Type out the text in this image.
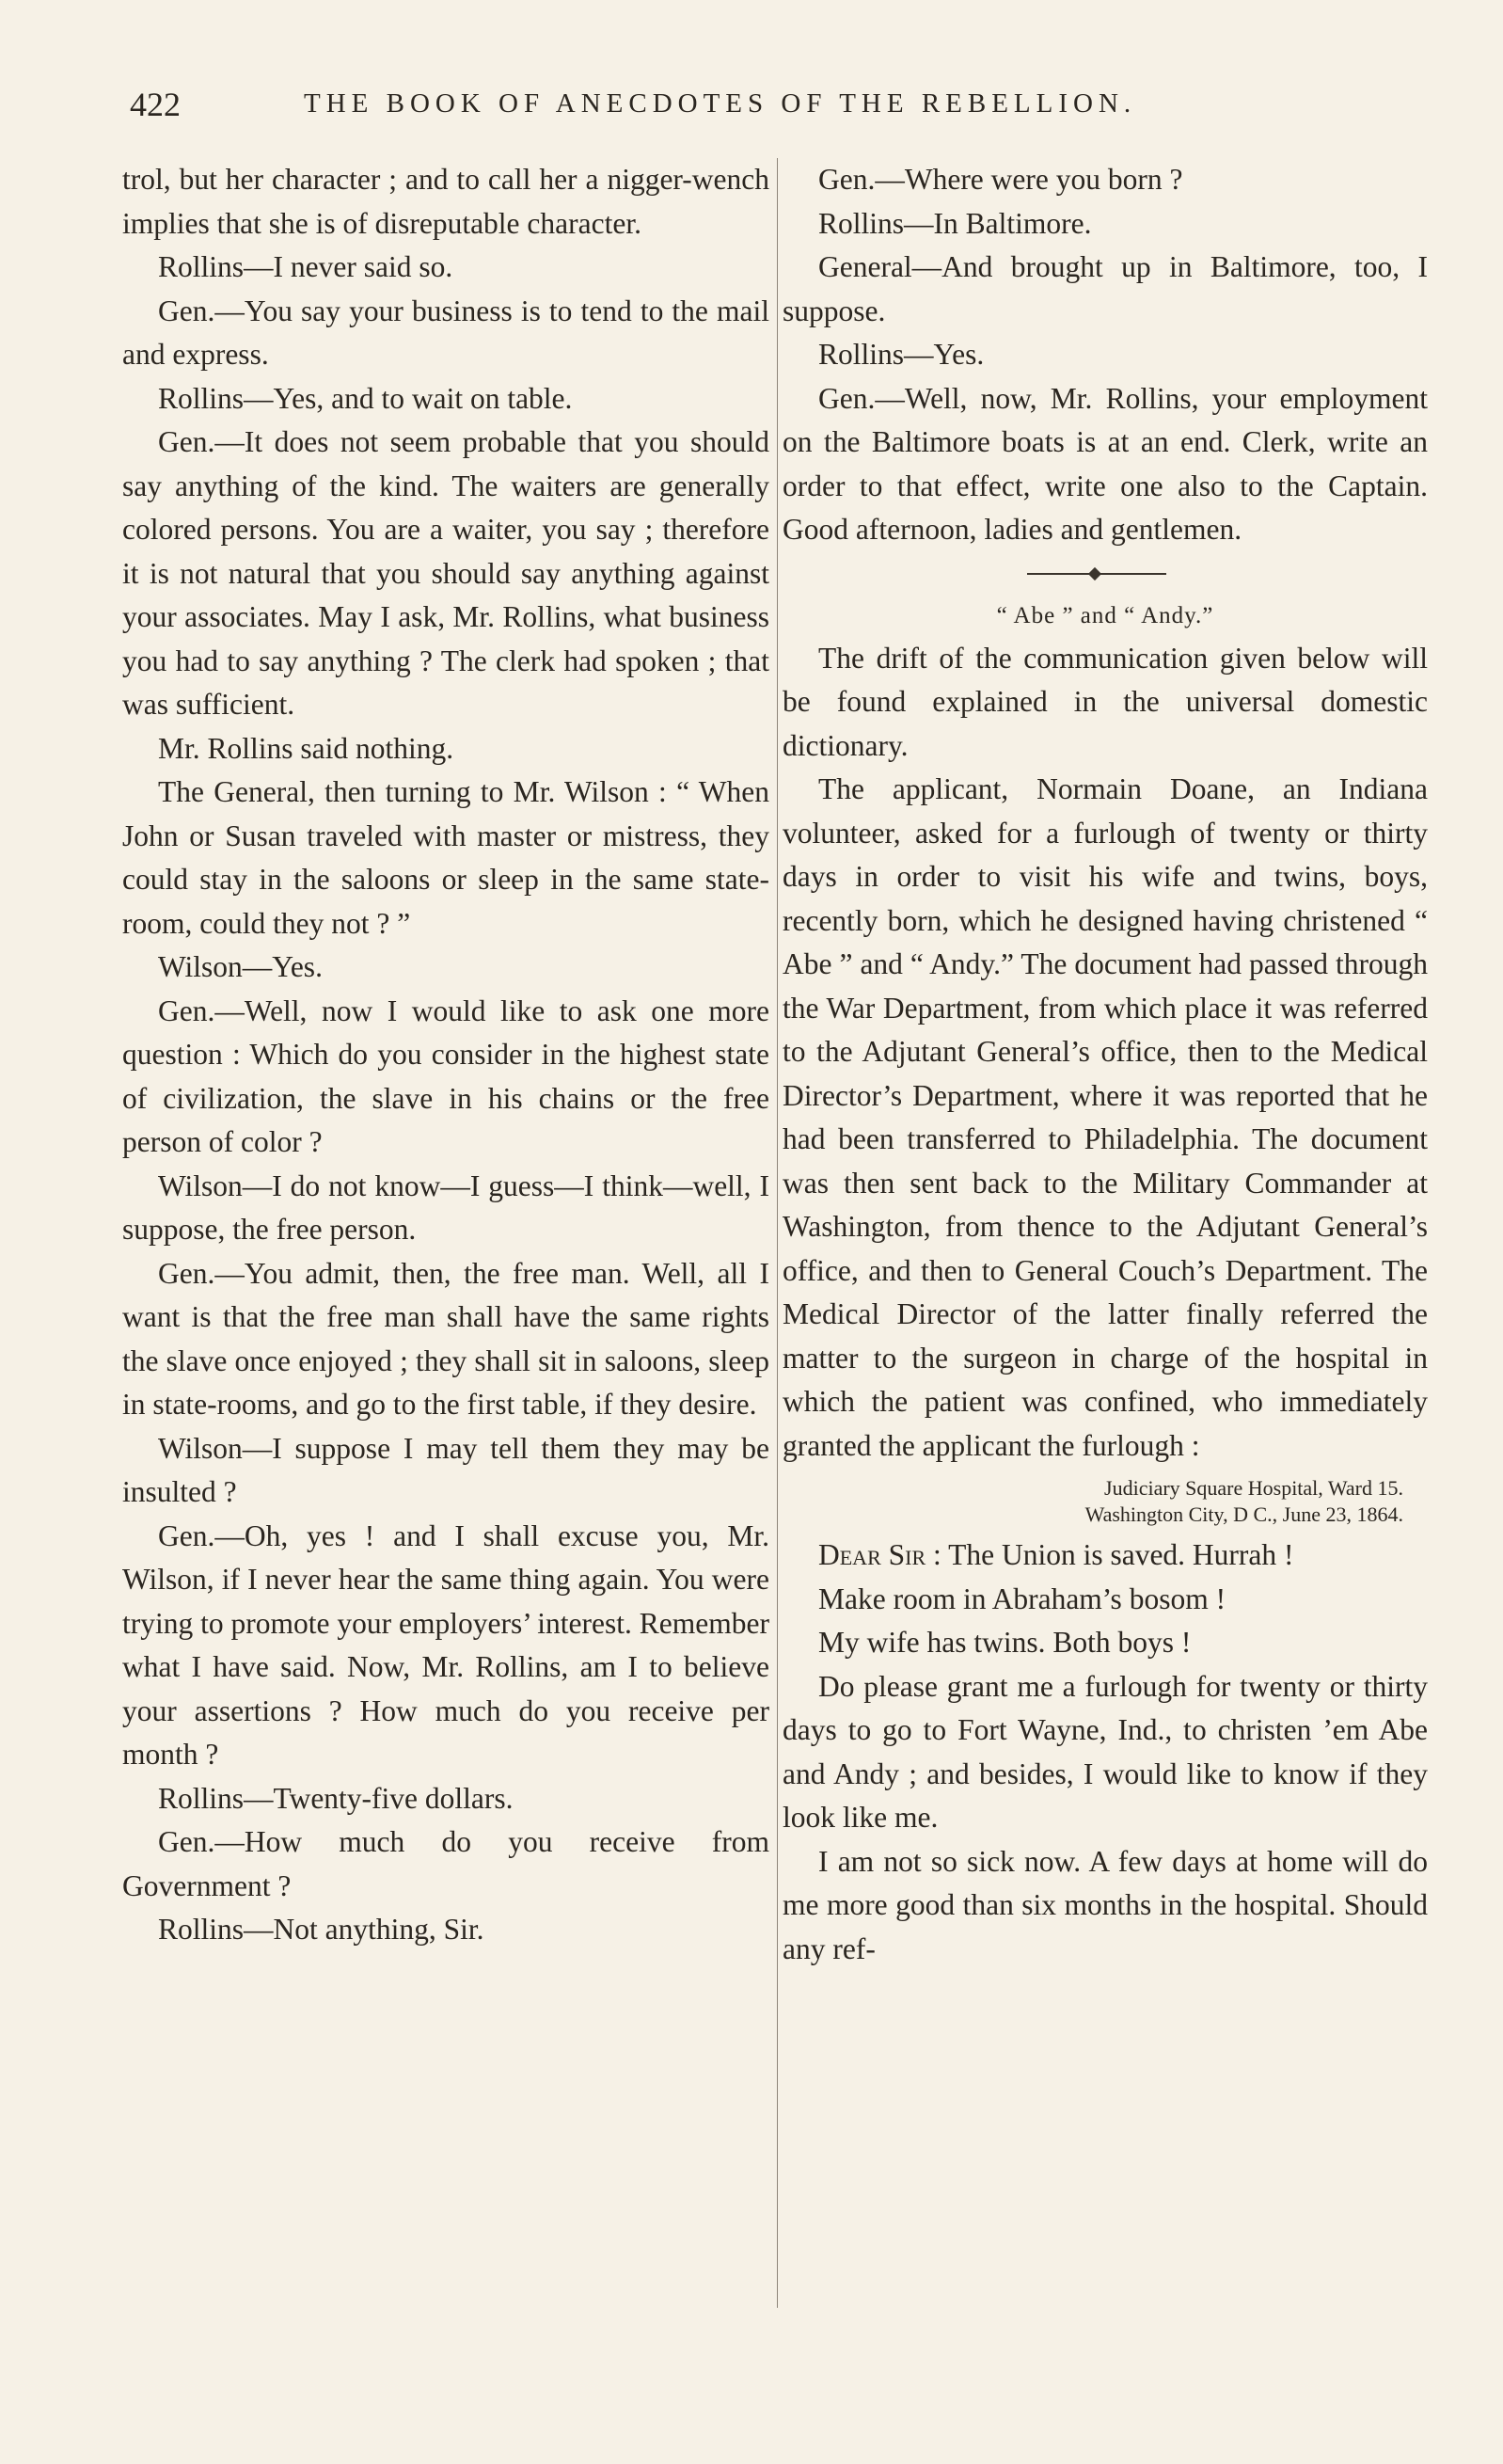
422	THE BOOK OF ANECDOTES OF THE REBELLION.

trol, but her character ; and to call her a nigger-wench implies that she is of disreputable character.

Rollins—I never said so.

Gen.—You say your business is to tend to the mail and express.

Rollins—Yes, and to wait on table.

Gen.—It does not seem probable that you should say anything of the kind. The waiters are generally colored persons. You are a waiter, you say ; therefore it is not natural that you should say anything against your associates. May I ask, Mr. Rollins, what business you had to say anything ? The clerk had spoken ; that was sufficient.

Mr. Rollins said nothing.

The General, then turning to Mr. Wilson : “ When John or Susan traveled with master or mistress, they could stay in the saloons or sleep in the same state-room, could they not ? ”

Wilson—Yes.

Gen.—Well, now I would like to ask one more question : Which do you consider in the highest state of civilization, the slave in his chains or the free person of color ?

Wilson—I do not know—I guess—I think—well, I suppose, the free person.

Gen.—You admit, then, the free man. Well, all I want is that the free man shall have the same rights the slave once enjoyed ; they shall sit in saloons, sleep in state-rooms, and go to the first table, if they desire.

Wilson—I suppose I may tell them they may be insulted ?

Gen.—Oh, yes ! and I shall excuse you, Mr. Wilson, if I never hear the same thing again. You were trying to promote your employers’ interest. Remember what I have said. Now, Mr. Rollins, am I to believe your assertions ? How much do you receive per month ?

Rollins—Twenty-five dollars.

Gen.—How much do you receive from Government ?

Rollins—Not anything, Sir.

Gen.—Where were you born ?

Rollins—In Baltimore.

General—And brought up in Baltimore, too, I suppose.

Rollins—Yes.

Gen.—Well, now, Mr. Rollins, your employment on the Baltimore boats is at an end. Clerk, write an order to that effect, write one also to the Captain. Good afternoon, ladies and gentlemen.

“ Abe ” and “ Andy.”

The drift of the communication given below will be found explained in the universal domestic dictionary.

The applicant, Normain Doane, an Indiana volunteer, asked for a furlough of twenty or thirty days in order to visit his wife and twins, boys, recently born, which he designed having christened “ Abe ” and “ Andy.” The document had passed through the War Department, from which place it was referred to the Adjutant General’s office, then to the Medical Director’s Department, where it was reported that he had been transferred to Philadelphia. The document was then sent back to the Military Commander at Washington, from thence to the Adjutant General’s office, and then to General Couch’s Department. The Medical Director of the latter finally referred the matter to the surgeon in charge of the hospital in which the patient was confined, who immediately granted the applicant the furlough :

Judiciary Square Hospital, Ward 15.
Washington City, D C., June 23, 1864.

Dear Sir : The Union is saved. Hurrah !

Make room in Abraham’s bosom !

My wife has twins. Both boys !

Do please grant me a furlough for twenty or thirty days to go to Fort Wayne, Ind., to christen ’em Abe and Andy ; and besides, I would like to know if they look like me.

I am not so sick now. A few days at home will do me more good than six months in the hospital. Should any ref-
